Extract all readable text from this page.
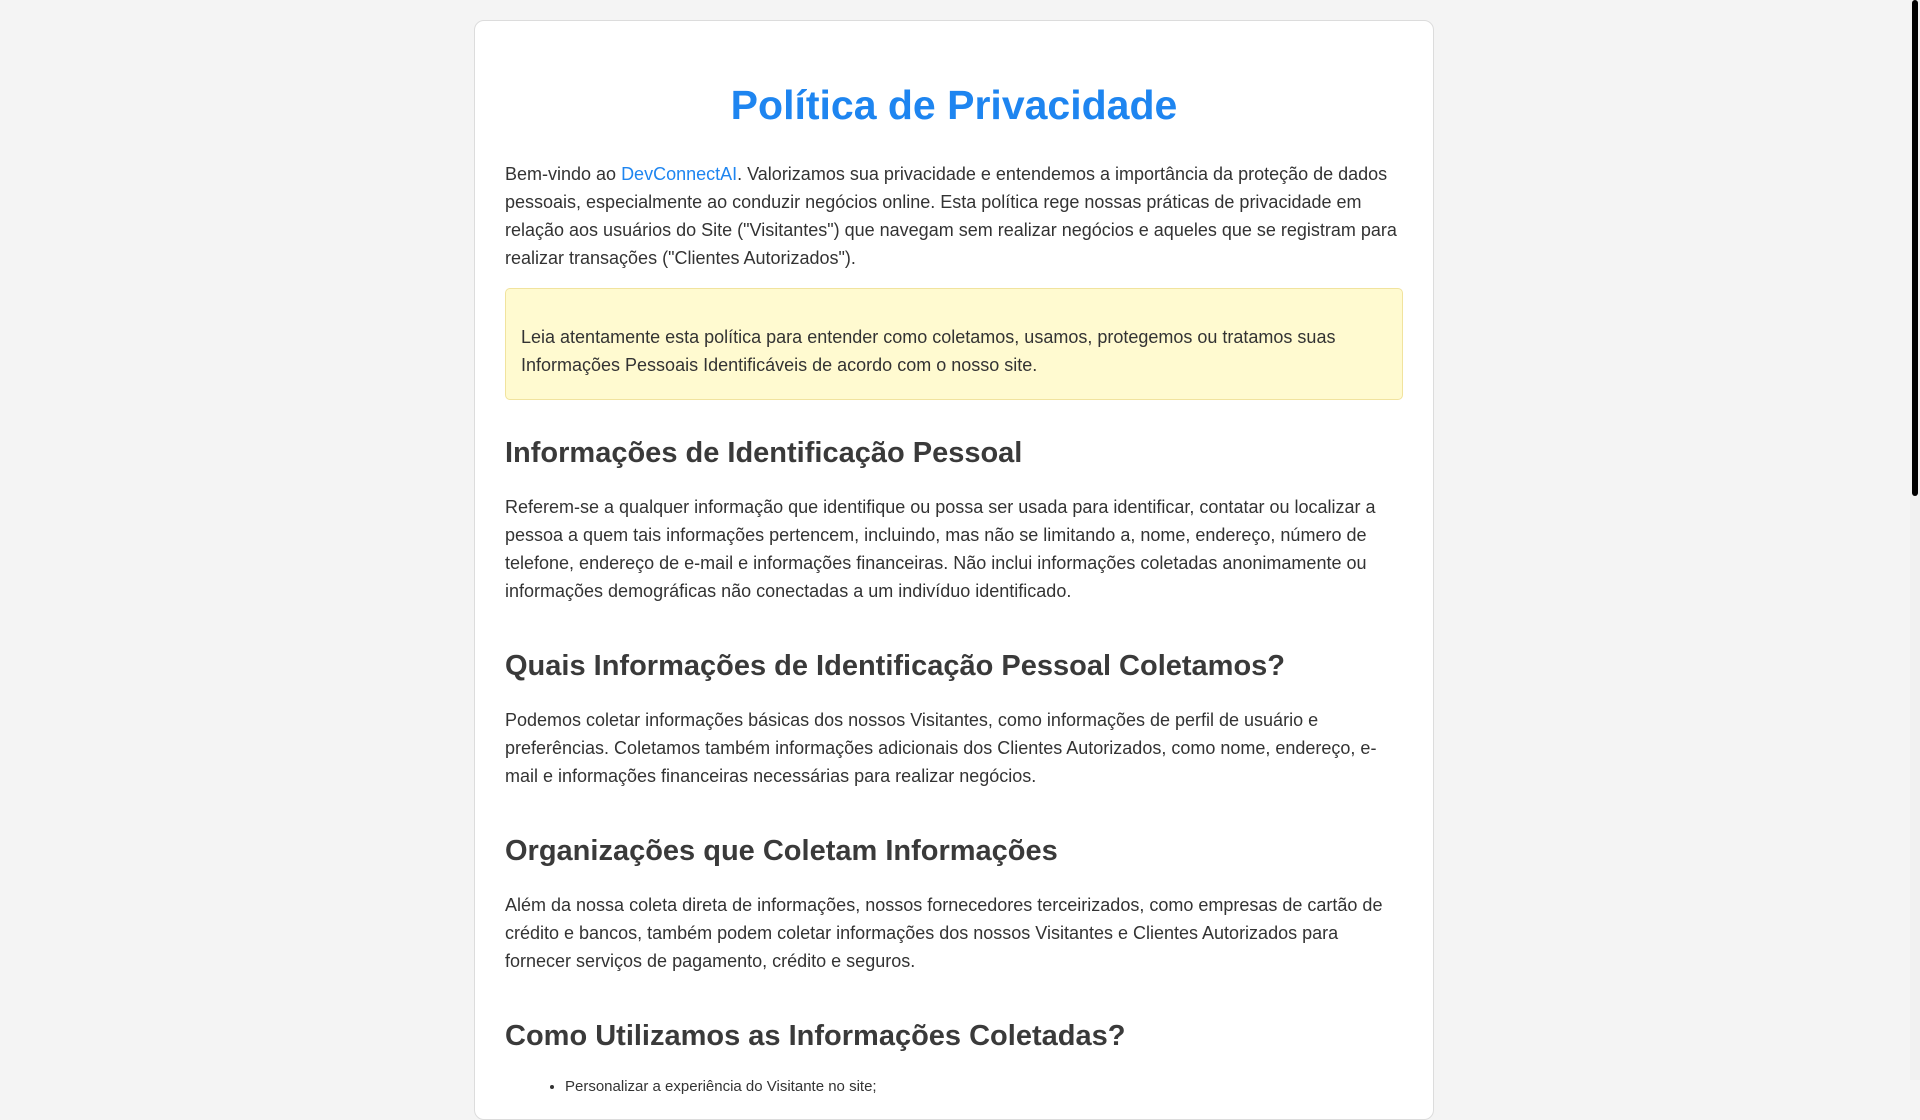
Política de Privacidade

Bem-vindo ao DevConnectAI. Valorizamos sua privacidade e entendemos a importância da proteção de dados pessoais, especialmente ao conduzir negócios online. Esta política rege nossas práticas de privacidade em relação aos usuários do Site ("Visitantes") que navegam sem realizar negócios e aqueles que se registram para realizar transações ("Clientes Autorizados").

Leia atentamente esta política para entender como coletamos, usamos, protegemos ou tratamos suas Informações Pessoais Identificáveis de acordo com o nosso site.

Informações de Identificação Pessoal

Referem-se a qualquer informação que identifique ou possa ser usada para identificar, contatar ou localizar a pessoa a quem tais informações pertencem, incluindo, mas não se limitando a, nome, endereço, número de telefone, endereço de e-mail e informações financeiras. Não inclui informações coletadas anonimamente ou informações demográficas não conectadas a um indivíduo identificado.

Quais Informações de Identificação Pessoal Coletamos?

Podemos coletar informações básicas dos nossos Visitantes, como informações de perfil de usuário e preferências. Coletamos também informações adicionais dos Clientes Autorizados, como nome, endereço, e-mail e informações financeiras necessárias para realizar negócios.

Organizações que Coletam Informações

Além da nossa coleta direta de informações, nossos fornecedores terceirizados, como empresas de cartão de crédito e bancos, também podem coletar informações dos nossos Visitantes e Clientes Autorizados para fornecer serviços de pagamento, crédito e seguros.

Como Utilizamos as Informações Coletadas?
• Personalizar a experiência do Visitante no site;
